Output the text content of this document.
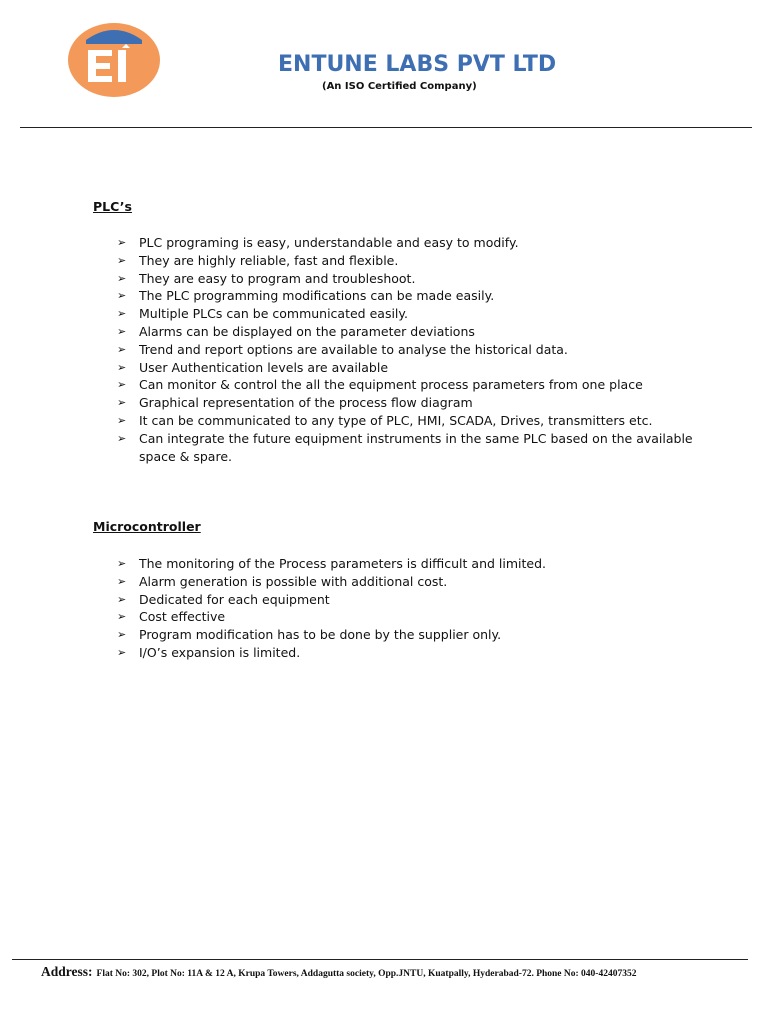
ENTUNE LABS PVT LTD
(An ISO Certified Company)
PLC’s
➢ PLC programing is easy, understandable and easy to modify.
➢ They are highly reliable, fast and flexible.
➢ They are easy to program and troubleshoot.
➢ The PLC programming modifications can be made easily.
➢ Multiple PLCs can be communicated easily.
➢ Alarms can be displayed on the parameter deviations
➢ Trend and report options are available to analyse the historical data.
➢ User Authentication levels are available
➢ Can monitor & control the all the equipment process parameters from one place
➢ Graphical representation of the process flow diagram
➢ It can be communicated to any type of PLC, HMI, SCADA, Drives, transmitters etc.
➢ Can integrate the future equipment instruments in the same PLC based on the available space & spare.
Microcontroller
➢ The monitoring of the Process parameters is difficult and limited.
➢ Alarm generation is possible with additional cost.
➢ Dedicated for each equipment
➢ Cost effective
➢ Program modification has to be done by the supplier only.
➢ I/O’s expansion is limited.
Address: Flat No: 302, Plot No: 11A & 12 A, Krupa Towers, Addagutta society, Opp.JNTU, Kuatpally, Hyderabad-72. Phone No: 040-42407352
